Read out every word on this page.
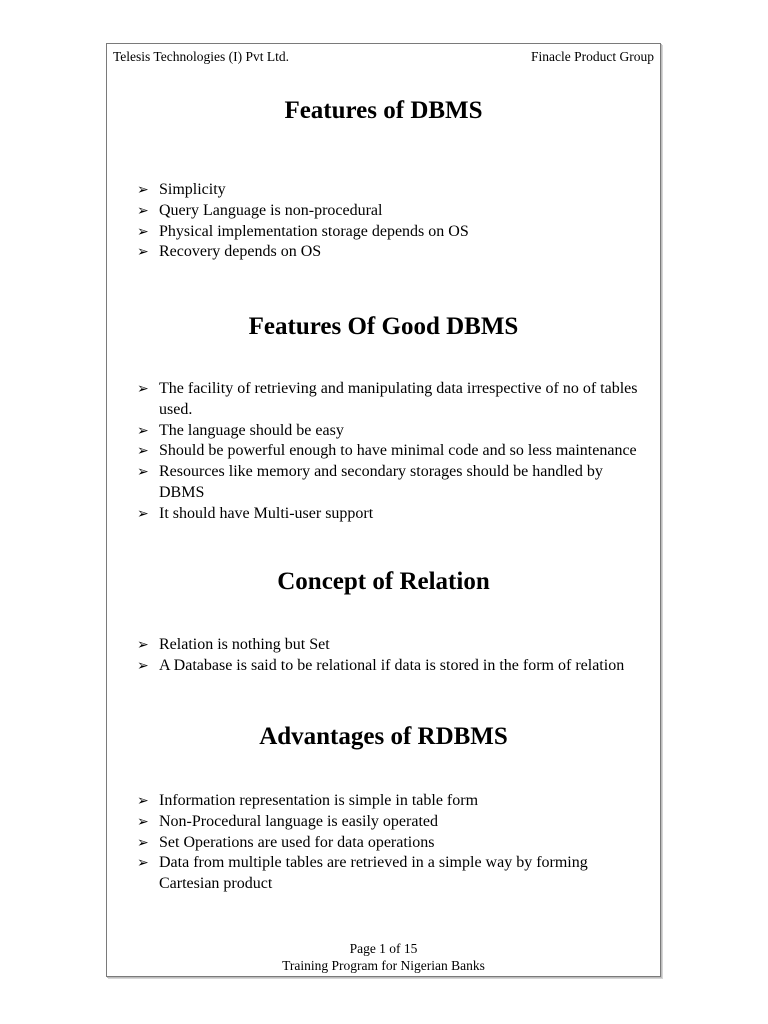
Telesis Technologies (I) Pvt Ltd.	Finacle Product Group
Features of DBMS
➢ Simplicity
➢ Query Language is non-procedural
➢ Physical implementation storage depends on OS
➢ Recovery depends on OS
Features Of Good DBMS
➢ The facility of retrieving and manipulating data irrespective of no of tables used.
➢ The language should be easy
➢ Should be powerful enough to have minimal code and so less maintenance
➢ Resources like memory and secondary storages should be handled by DBMS
➢ It should have Multi-user support
Concept of Relation
➢ Relation is nothing but Set
➢ A Database is said to be relational if data is stored in the form of relation
Advantages of RDBMS
➢ Information representation is simple in table form
➢ Non-Procedural language is easily operated
➢ Set Operations are used for data operations
➢ Data from multiple tables are retrieved in a simple way by forming Cartesian product
Page 1 of 15
Training Program for Nigerian Banks
